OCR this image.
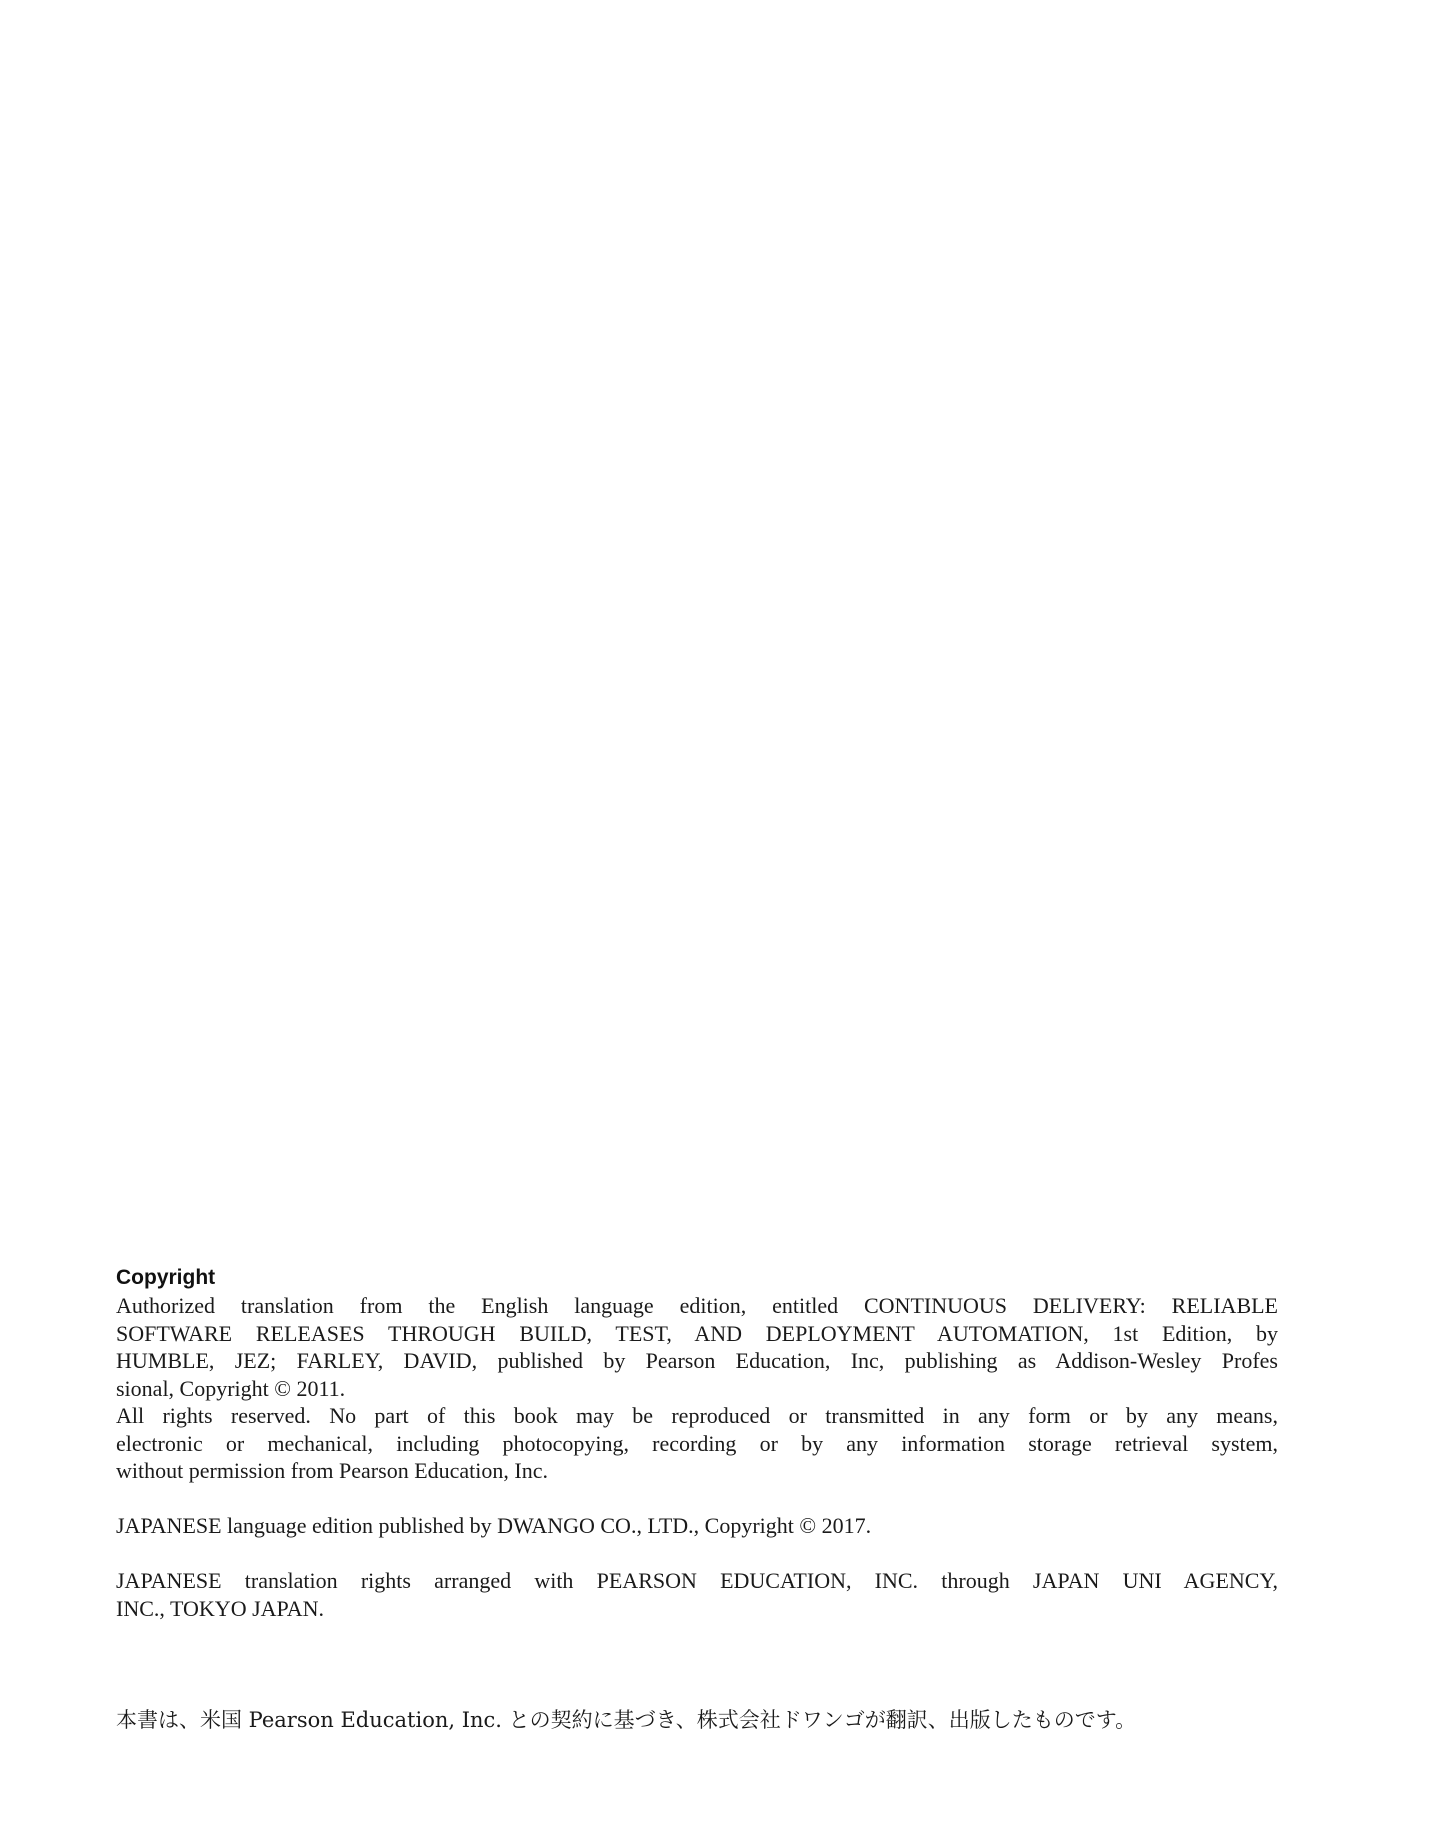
Copyright

Authorized translation from the English language edition, entitled CONTINUOUS DELIVERY: RELIABLE

SOFTWARE RELEASES THROUGH BUILD, TEST, AND DEPLOYMENT AUTOMATION, 1st Edition, by

HUMBLE, JEZ; FARLEY, DAVID, published by Pearson Education, Inc, publishing as Addison-Wesley Profes

sional, Copyright © 2011.

All rights reserved. No part of this book may be reproduced or transmitted in any form or by any means,

electronic or mechanical, including photocopying, recording or by any information storage retrieval system,

without permission from Pearson Education, Inc.

JAPANESE language edition published by DWANGO CO., LTD., Copyright © 2017.

JAPANESE translation rights arranged with PEARSON EDUCATION, INC. through JAPAN UNI AGENCY,

INC., TOKYO JAPAN.

本書は、米国 Pearson Education, Inc. との契約に基づき、株式会社ドワンゴが翻訳、出版したものです。
